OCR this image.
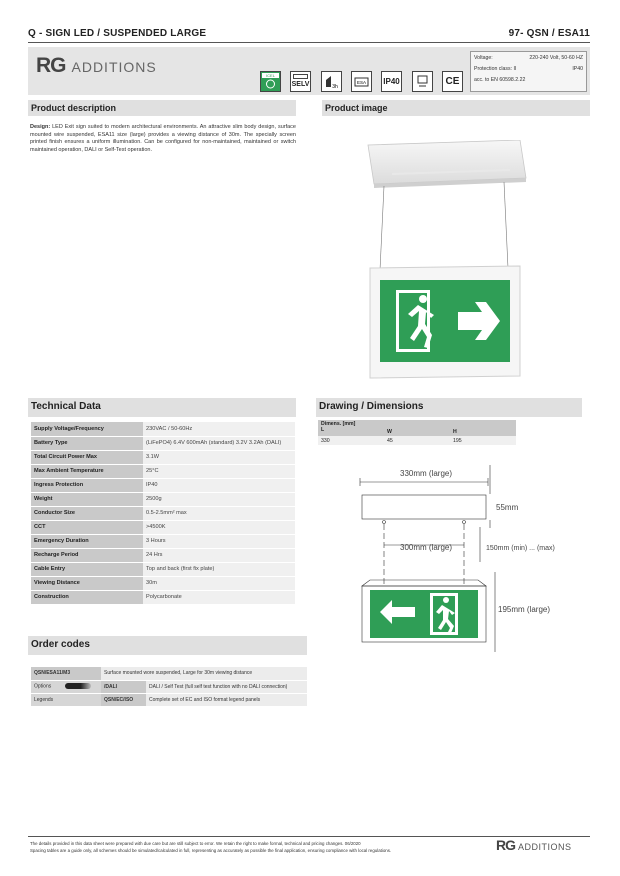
Q - SIGN LED / SUSPENDED LARGE	97- QSN / ESA11
RG ADDITIONS
ICEL
SELV	3h
ESA IP40	CE
Voltage:	220-240 Volt, 50-60 HZ
Protection class: II	IP40
acc. to EN 60598.2.22
Product description
Design: LED Exit sign suited to modern architectural environments. An attractive slim body design, surface mounted wire suspended, ESA11 size (large) provides a viewing distance of 30m. The specially screen printed finish ensures a uniform illumination. Can be configured for non-maintained, maintained or switch maintained operation, DALI or Self-Test operation.
Product image
Technical Data
Supply Voltage/Frequency	230VAC / 50-60Hz
Battery Type	(LiFePO4) 6.4V 600mAh (standard) 3.2V 3.2Ah (DALI)
Total Circuit Power Max	3.1W
Max Ambient Temperature	25°C
Ingress Protection	IP40
Weight	2500g
Conductor Size	0.5-2.5mm² max
CCT	>4500K
Emergency Duration	3 Hours
Recharge Period	24 Hrs
Cable Entry	Top and back (first fix plate)
Viewing Distance	30m
Construction	Polycarbonate
Drawing / Dimensions
Dimens. [mm]
L	W	H
330	45	195
330mm (large)
55mm
300mm (large)	150mm (min) ... (max)
195mm (large)
Order codes
QSN/ESA11/M3	Surface mounted wore suspended, Large for 30m viewing distance	
Options	/DALI	DALI / Self Test (full self test function with no DALI connection)
Legends	QSN/EC/ISO	Complete set of EC and ISO format legend panels
The details provided in this data sheet were prepared with due care but are still subject to error. We retain the right to make formal, technical and pricing changes. 06/2020
Spacing tables are a guide only, all schemes should be simulated/calculated in full, representing as accurately as possible the final application, ensuring compliance with local regulations.	RG ADDITIONS
